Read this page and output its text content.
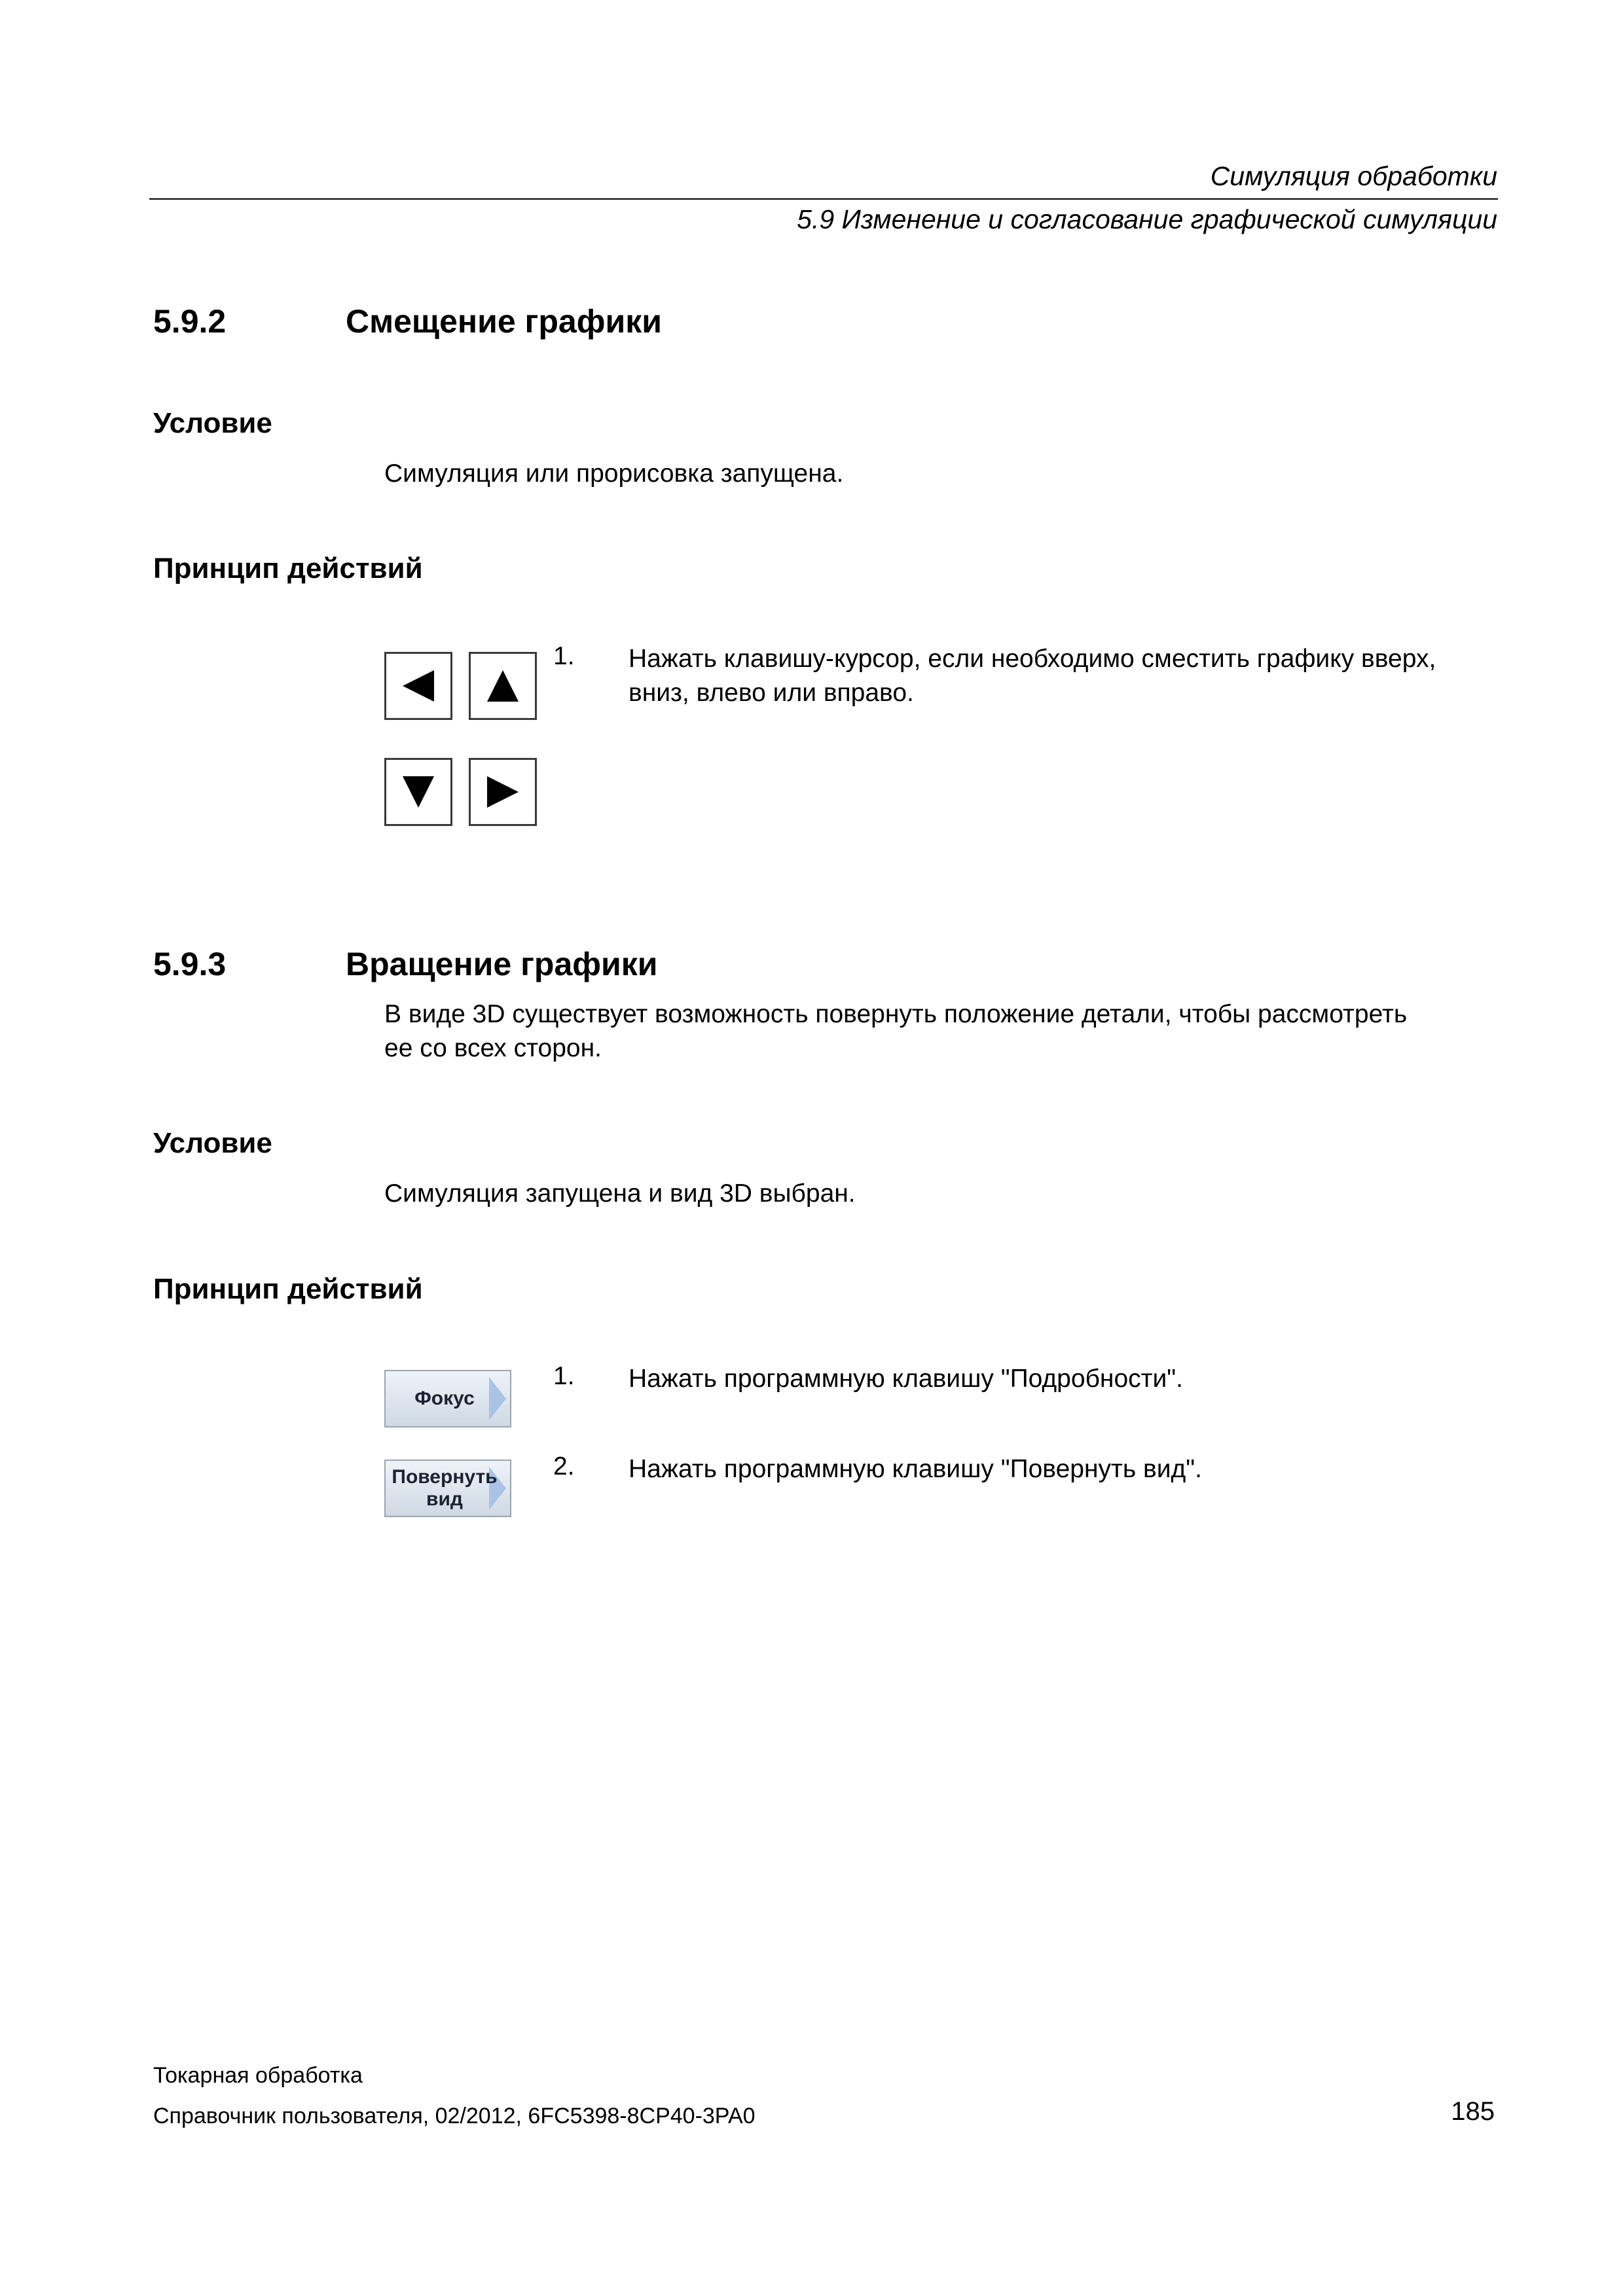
Симуляция обработки
5.9 Изменение и согласование графической симуляции
5.9.2	Смещение графики
Условие
Симуляция или прорисовка запущена.
Принцип действий
1. Нажать клавишу-курсор, если необходимо сместить графику вверх,
вниз, влево или вправо.
5.9.3	Вращение графики
В виде 3D существует возможность повернуть положение детали, чтобы рассмотреть
ее со всех сторон.
Условие
Симуляция запущена и вид 3D выбран.
Принцип действий
Фокус
Повернуть
вид
1. Нажать программную клавишу "Подробности".
2. Нажать программную клавишу "Повернуть вид".
Токарная обработка
Справочник пользователя, 02/2012, 6FC5398-8CP40-3PA0	185
